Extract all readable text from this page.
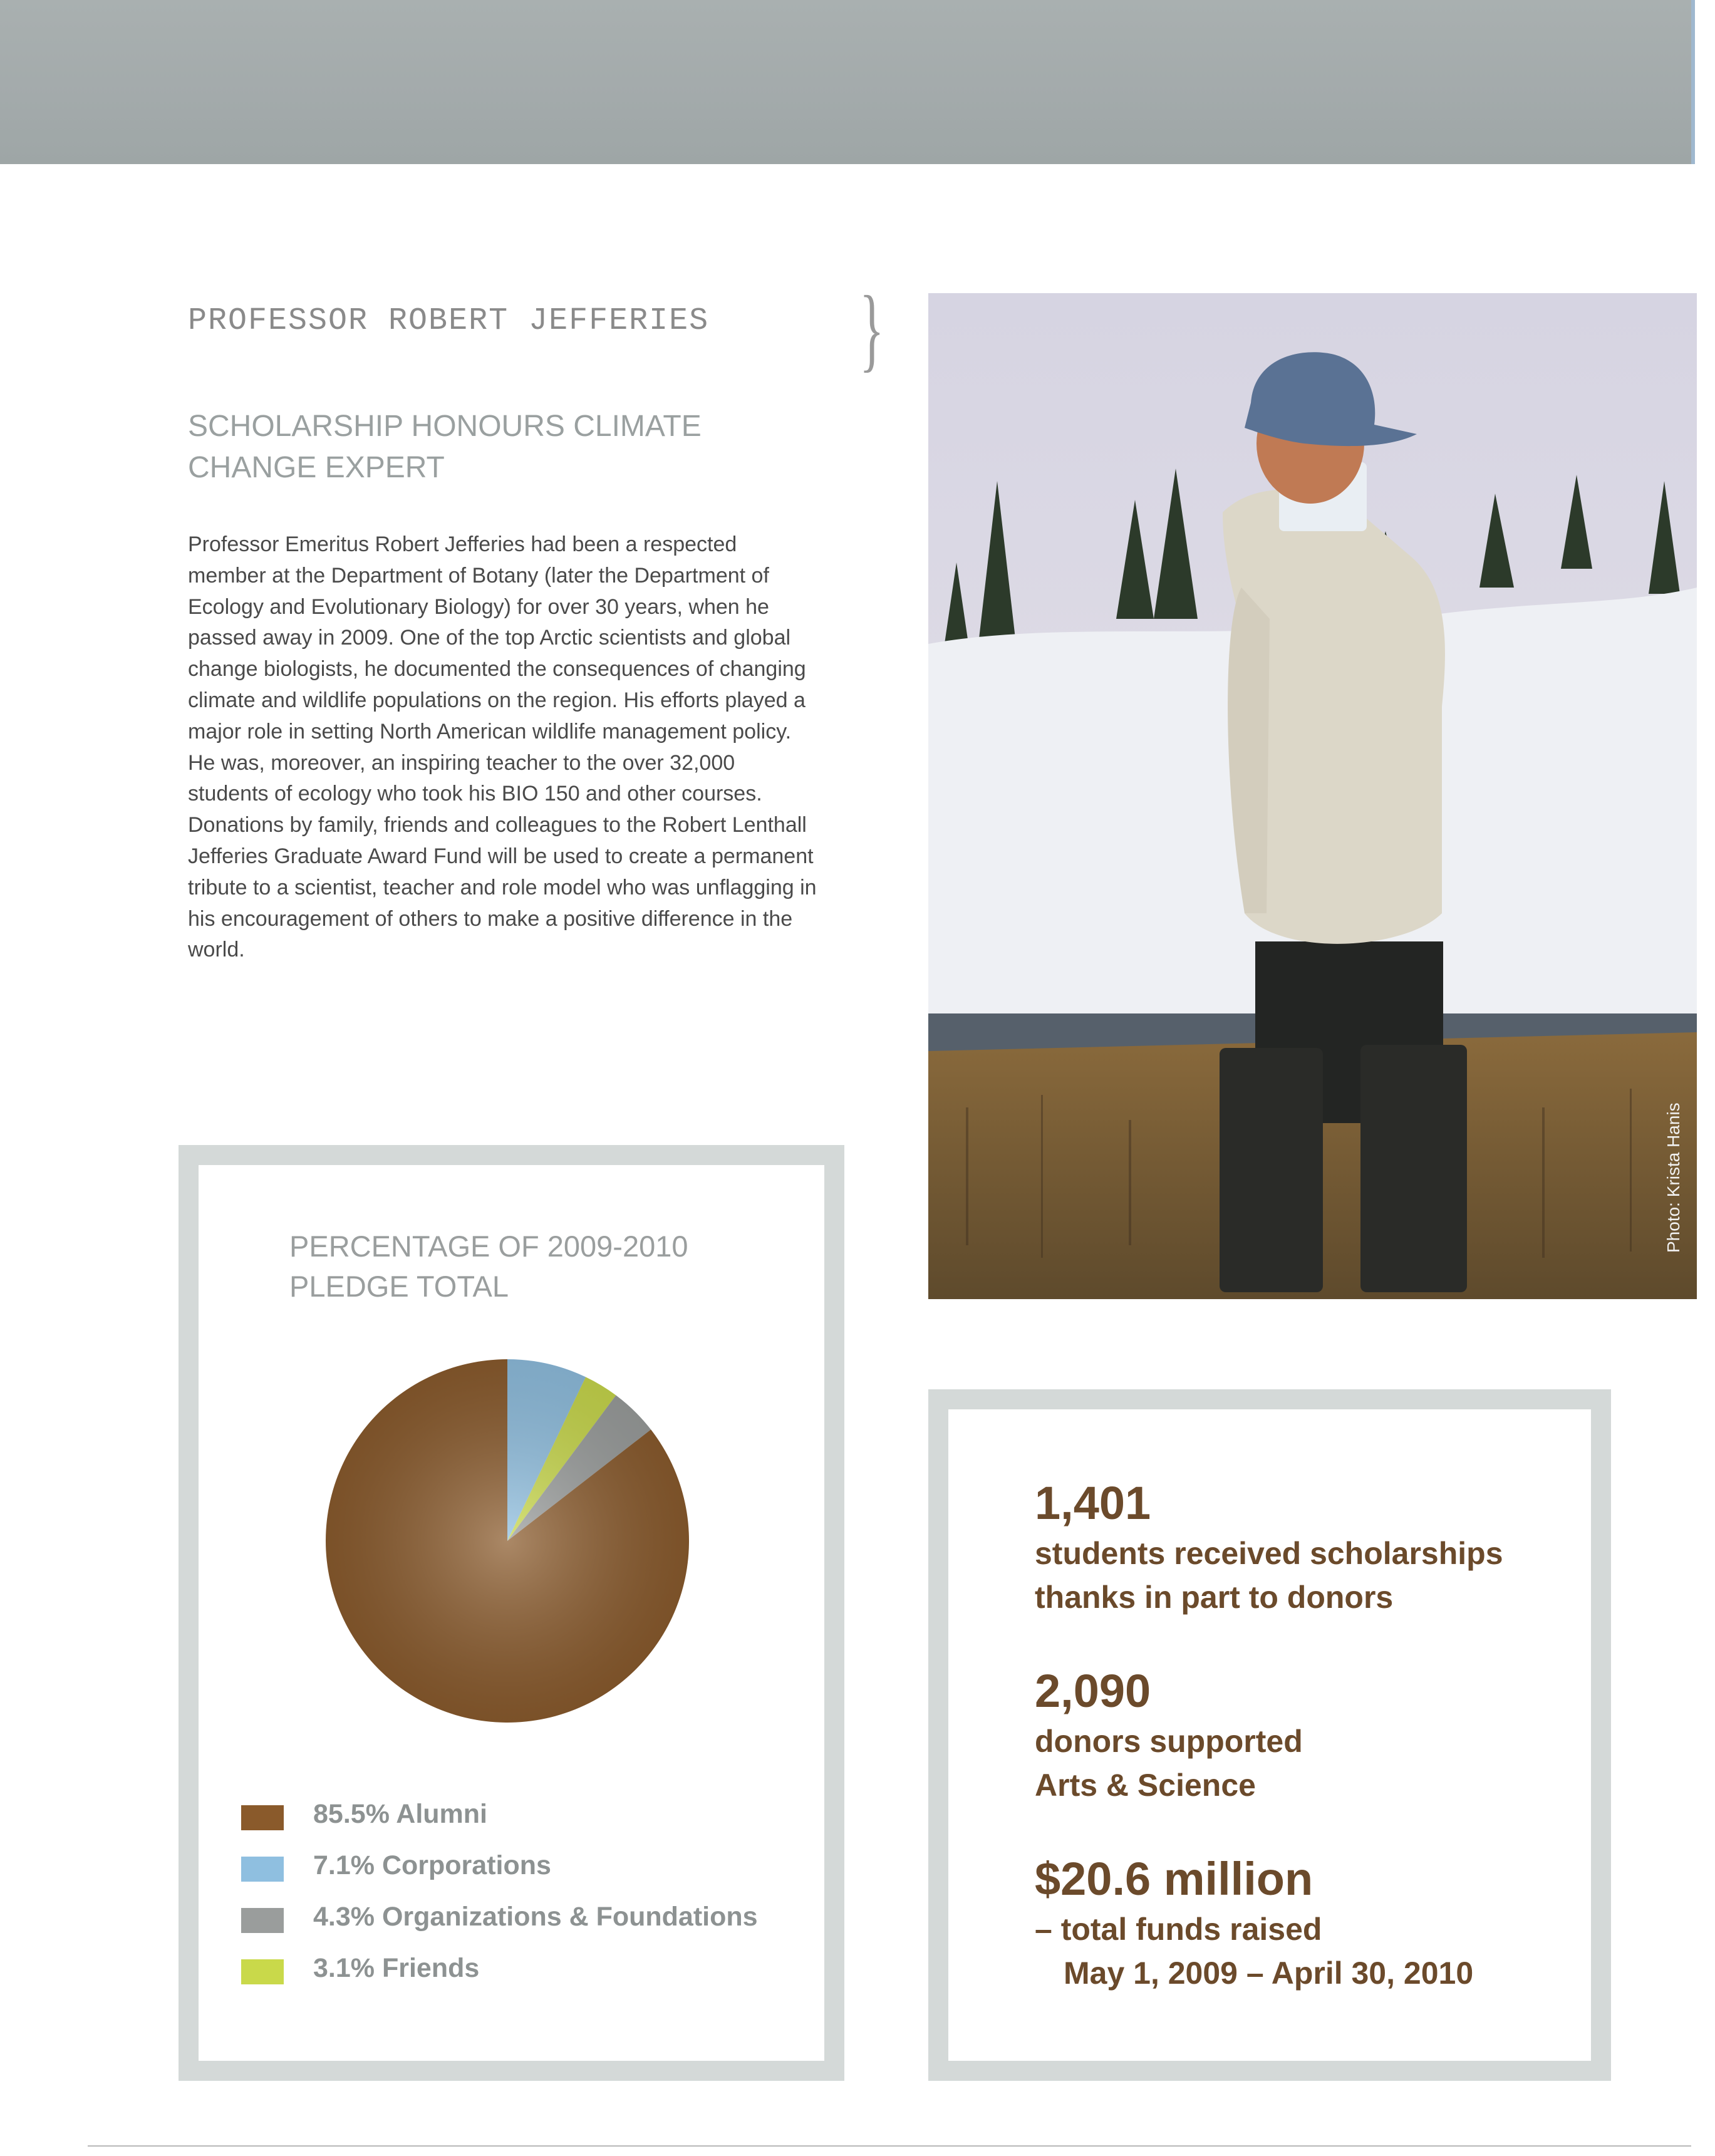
PROFESSOR ROBERT JEFFERIES	}
SCHOLARSHIP HONOURS CLIMATE
CHANGE EXPERT
Professor Emeritus Robert Jefferies had been a respected member at the Department of Botany (later the Department of Ecology and Evolutionary Biology) for over 30 years, when he passed away in 2009. One of the top Arctic scientists and global change biologists, he documented the consequences of changing climate and wildlife populations on the region. His efforts played a major role in setting North American wildlife management policy. He was, moreover, an inspiring teacher to the over 32,000 students of ecology who took his BIO 150 and other courses. Donations by family, friends and colleagues to the Robert Lenthall Jefferies Graduate Award Fund will be used to create a permanent tribute to a scientist, teacher and role model who was unflagging in his encouragement of others to make a positive difference in the world.
Photo: Krista Hanis
PERCENTAGE OF 2009-2010
PLEDGE TOTAL
85.5% Alumni
7.1% Corporations
4.3% Organizations & Foundations
3.1% Friends
1,401
students received scholarships
thanks in part to donors
2,090
donors supported
Arts & Science
$20.6 million
– total funds raised
May 1, 2009 – April 30, 2010
